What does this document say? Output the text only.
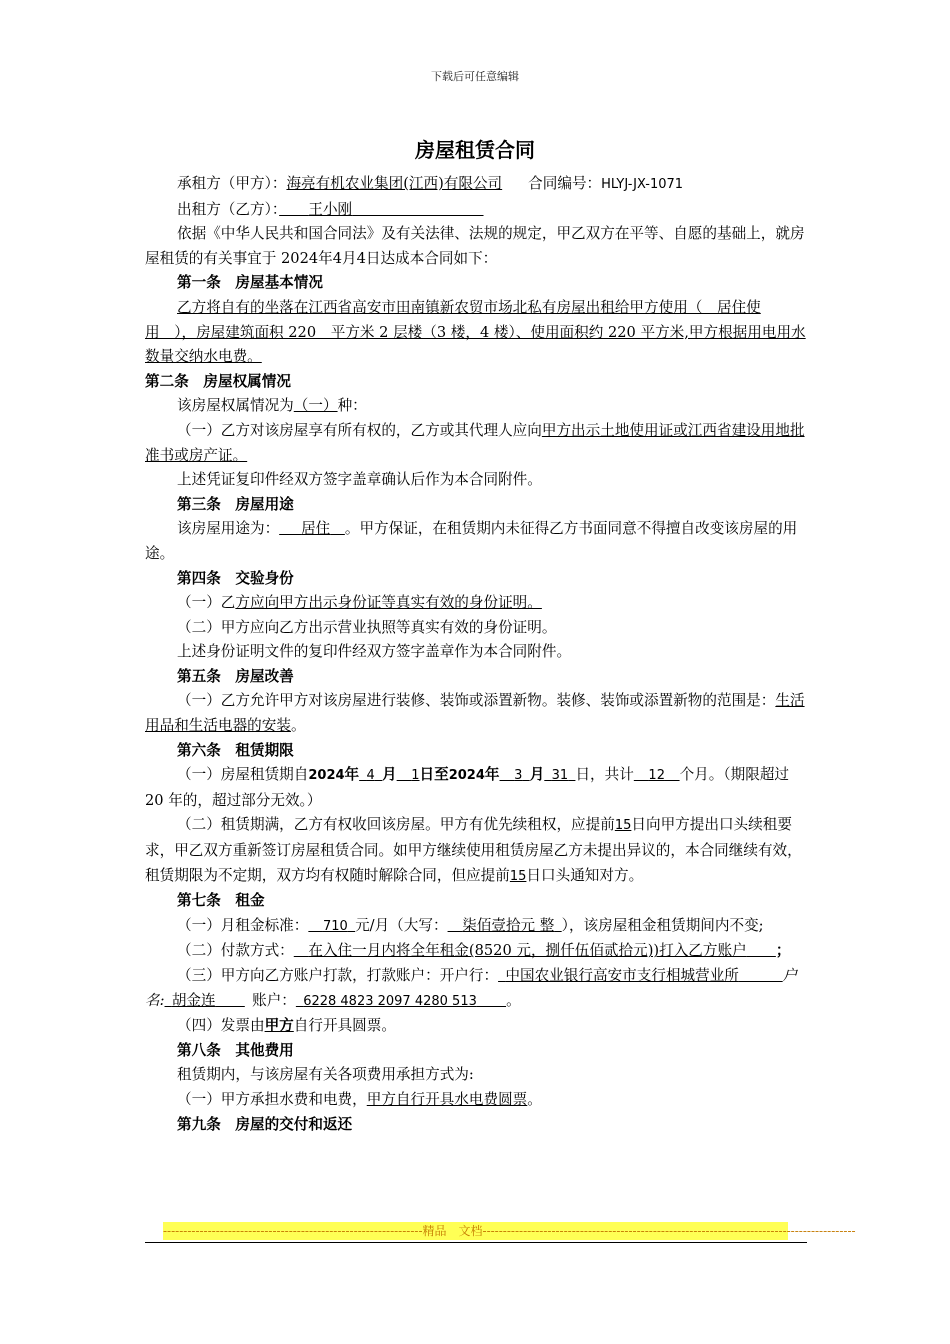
下载后可任意编辑
房屋租赁合同

承租方（甲方）：海亮有机农业集团(江西)有限公司 合同编号：HLYJ-JX-1071

出租方（乙方）：　　 王小刚　　　　　　　　　

依据《中华人民共和国合同法》及有关法律、法规的规定，甲乙双方在平等、自愿的基础上，就房屋租赁的有关事宜于 2024年4月4日达成本合同如下：

第一条　房屋基本情况

乙方将自有的坐落在江西省高安市田南镇新农贸市场北私有房屋出租给甲方使用（　居住使用　），房屋建筑面积 220　平方米 2 层楼（3 楼，4 楼）、使用面积约 220 平方米,甲方根据用电用水数量交纳水电费。

第二条　房屋权属情况

该房屋权属情况为（一）种：

（一）乙方对该房屋享有所有权的，乙方或其代理人应向甲方出示土地使用证或江西省建设用地批准书或房产证。

上述凭证复印件经双方签字盖章确认后作为本合同附件。

第三条　房屋用途

该房屋用途为：    居住   。甲方保证，在租赁期内未征得乙方书面同意不得擅自改变该房屋的用途。

第四条　交验身份

（一）乙方应向甲方出示身份证等真实有效的身份证明。

（二）甲方应向乙方出示营业执照等真实有效的身份证明。

上述身份证明文件的复印件经双方签字盖章作为本合同附件。

第五条　房屋改善

（一）乙方允许甲方对该房屋进行装修、装饰或添置新物。装修、装饰或添置新物的范围是：生活用品和生活电器的安装。

第六条　租赁期限

（一）房屋租赁期自2024年  4  月   1日至2024年   3  月  31  日，共计   12   个月。（期限超过 20 年的，超过部分无效。）

（二）租赁期满，乙方有权收回该房屋。甲方有优先续租权，应提前15日向甲方提出口头续租要求，甲乙双方重新签订房屋租赁合同。如甲方继续使用租赁房屋乙方未提出异议的，本合同继续有效，租赁期限为不定期，双方均有权随时解除合同，但应提前15日口头通知对方。

第七条　租金

（一）月租金标准：   710  元/月（大写：   柒佰壹拾元 整  ），该房屋租金租赁期间内不变;

（二）付款方式：   在入住一月内将全年租金(8520 元，捌仟伍佰贰拾元))打入乙方账户     ；

（三）甲方向乙方账户打款，打款账户：开户行：  中国农业银行高安市支行相城营业所      	户名:  胡金连      账户：  6228 4823 2097 4280 513     。

（四）发票由甲方自行开具圆票。

第八条　其他费用

租赁期内，与该房屋有关各项费用承担方式为:

（一）甲方承担水费和电费，甲方自行开具水电费圆票。

第九条　房屋的交付和返还

----------------------------------------------------------------精品　文档--------------------------------------------------------------------------------------------
